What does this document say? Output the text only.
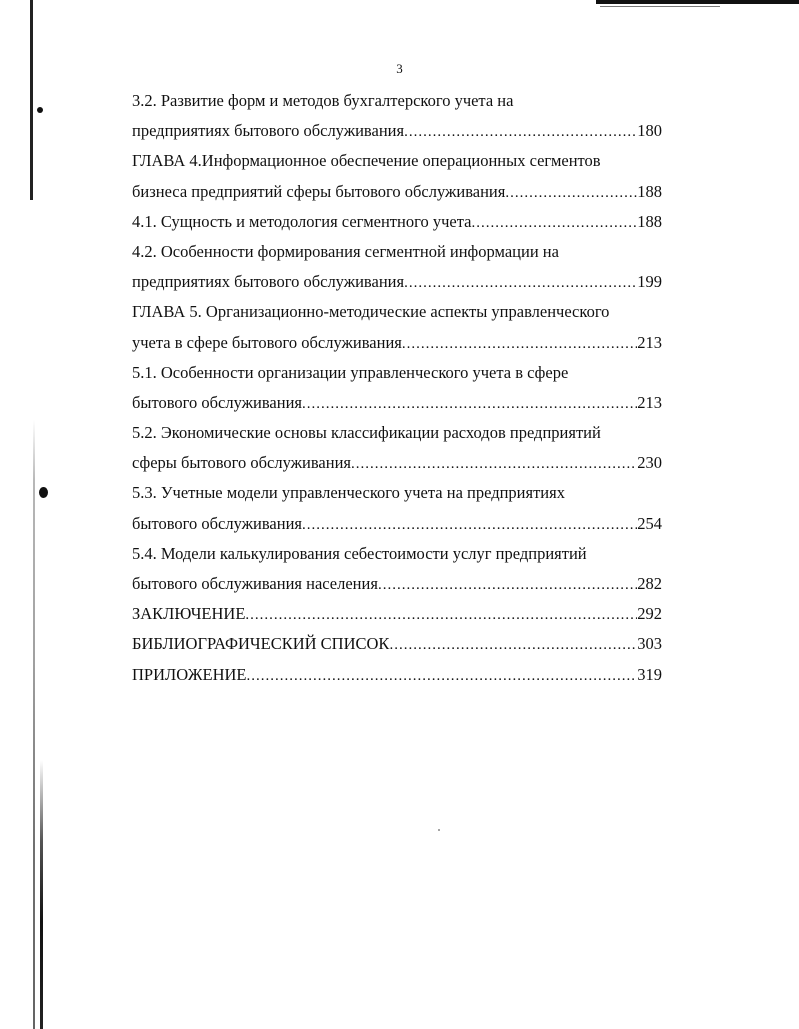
3
3.2. Развитие форм и методов бухгалтерского учета на
предприятиях бытового обслуживания .....	180
ГЛАВА 4.Информационное обеспечение операционных сегментов
бизнеса предприятий сферы бытового обслуживания .....	188
4.1. Сущность и методология сегментного учета .....	188
4.2. Особенности формирования сегментной информации на
предприятиях бытового обслуживания .....	199
ГЛАВА 5. Организационно-методические аспекты управленческого
учета в сфере бытового обслуживания .....	213
5.1. Особенности организации управленческого учета в сфере
бытового обслуживания .....	213
5.2. Экономические основы классификации расходов предприятий
сферы бытового обслуживания .....	230
5.3. Учетные модели управленческого учета на предприятиях
бытового обслуживания .....	254
5.4. Модели калькулирования себестоимости услуг предприятий
бытового обслуживания населения .....	282
ЗАКЛЮЧЕНИЕ .....	292
БИБЛИОГРАФИЧЕСКИЙ СПИСОК .....	303
ПРИЛОЖЕНИЕ .....	319
